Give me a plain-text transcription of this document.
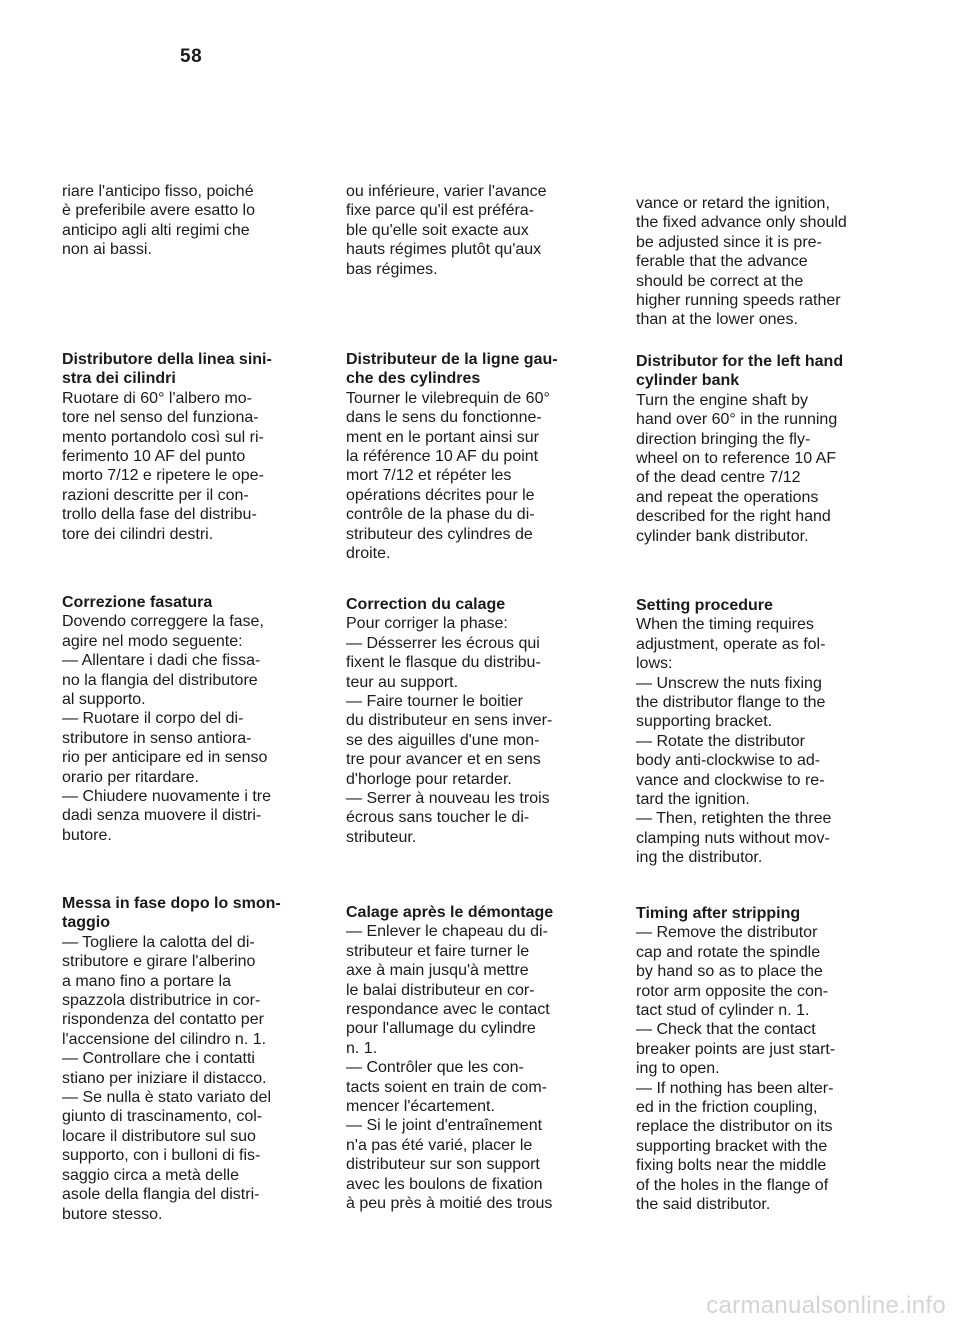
58

riare l'anticipo fisso, poiché
è preferibile avere esatto lo
anticipo agli alti regimi che
non ai bassi.

Distributore della linea sini-
stra dei cilindri

Ruotare di 60° l'albero mo-
tore nel senso del funziona-
mento portandolo così sul ri-
ferimento 10 AF del punto
morto 7/12 e ripetere le ope-
razioni descritte per il con-
trollo della fase del distribu-
tore dei cilindri destri.

Correzione fasatura

Dovendo correggere la fase,
agire nel modo seguente:
— Allentare i dadi che fissa-
no la flangia del distributore
al supporto.
— Ruotare il corpo del di-
stributore in senso antiora-
rio per anticipare ed in senso
orario per ritardare.
— Chiudere nuovamente i tre
dadi senza muovere il distri-
butore.

Messa in fase dopo lo smon-
taggio

— Togliere la calotta del di-
stributore e girare l'alberino
a mano fino a portare la
spazzola distributrice in cor-
rispondenza del contatto per
l'accensione del cilindro n. 1.
— Controllare che i contatti
stiano per iniziare il distacco.
— Se nulla è stato variato del
giunto di trascinamento, col-
locare il distributore sul suo
supporto, con i bulloni di fis-
saggio circa a metà delle
asole della flangia del distri-
butore stesso.

ou inférieure, varier l'avance
fixe parce qu'il est préféra-
ble qu'elle soit exacte aux
hauts régimes plutôt qu'aux
bas régimes.

Distributeur de la ligne gau-
che des cylindres

Tourner le vilebrequin de 60°
dans le sens du fonctionne-
ment en le portant ainsi sur
la référence 10 AF du point
mort 7/12 et répéter les
opérations décrites pour le
contrôle de la phase du di-
stributeur des cylindres de
droite.

Correction du calage

Pour corriger la phase:
— Désserrer les écrous qui
fixent le flasque du distribu-
teur au support.
— Faire tourner le boitier
du distributeur en sens inver-
se des aiguilles d'une mon-
tre pour avancer et en sens
d'horloge pour retarder.
— Serrer à nouveau les trois
écrous sans toucher le di-
stributeur.

Calage après le démontage

— Enlever le chapeau du di-
stributeur et faire turner le
axe à main jusqu'à mettre
le balai distributeur en cor-
respondance avec le contact
pour l'allumage du cylindre
n. 1.
— Contrôler que les con-
tacts soient en train de com-
mencer l'écartement.
— Si le joint d'entraînement
n'a pas été varié, placer le
distributeur sur son support
avec les boulons de fixation
à peu près à moitié des trous

vance or retard the ignition,
the fixed advance only should
be adjusted since it is pre-
ferable that the advance
should be correct at the
higher running speeds rather
than at the lower ones.

Distributor for the left hand
cylinder bank

Turn the engine shaft by
hand over 60° in the running
direction bringing the fly-
wheel on to reference 10 AF
of the dead centre 7/12
and repeat the operations
described for the right hand
cylinder bank distributor.

Setting procedure

When the timing requires
adjustment, operate as fol-
lows:
— Unscrew the nuts fixing
the distributor flange to the
supporting bracket.
— Rotate the distributor
body anti-clockwise to ad-
vance and clockwise to re-
tard the ignition.
— Then, retighten the three
clamping nuts without mov-
ing the distributor.

Timing after stripping

— Remove the distributor
cap and rotate the spindle
by hand so as to place the
rotor arm opposite the con-
tact stud of cylinder n. 1.
— Check that the contact
breaker points are just start-
ing to open.
— If nothing has been alter-
ed in the friction coupling,
replace the distributor on its
supporting bracket with the
fixing bolts near the middle
of the holes in the flange of
the said distributor.

carmanualsonline.info
